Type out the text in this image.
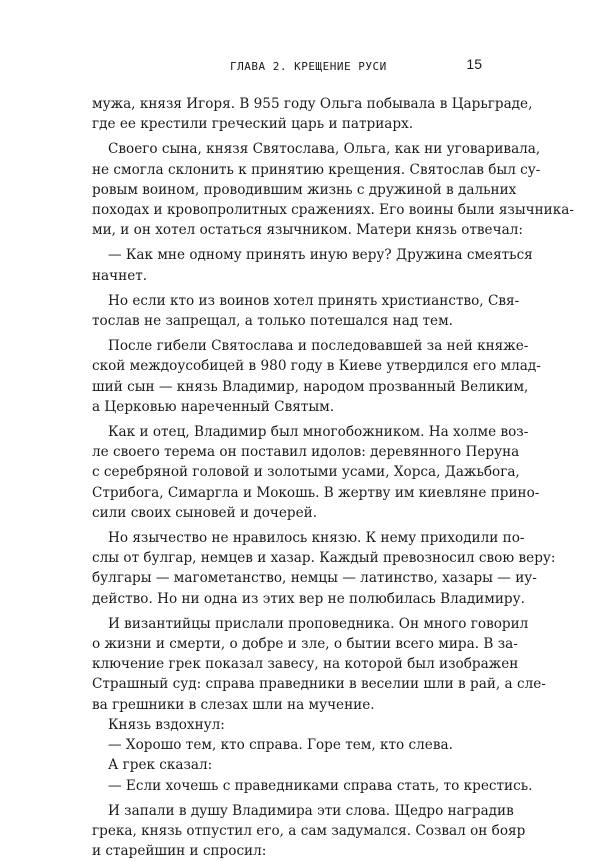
ГЛАВА 2. КРЕЩЕНИЕ РУСИ	15

мужа, князя Игоря. В 955 году Ольга побывала в Царьграде,
где ее крестили греческий царь и патриарх.

Своего сына, князя Святослава, Ольга, как ни уговаривала,
не смогла склонить к принятию крещения. Святослав был су-
ровым воином, проводившим жизнь с дружиной в дальних
походах и кровопролитных сражениях. Его воины были язычника-
ми, и он хотел остаться язычником. Матери князь отвечал:

— Как мне одному принять иную веру? Дружина смеяться
начнет.

Но если кто из воинов хотел принять христианство, Свя-
тослав не запрещал, а только потешался над тем.

После гибели Святослава и последовавшей за ней княже-
ской междоусобицей в 980 году в Киеве утвердился его млад-
ший сын — князь Владимир, народом прозванный Великим,
а Церковью нареченный Святым.

Как и отец, Владимир был многобожником. На холме воз-
ле своего терема он поставил идолов: деревянного Перуна
с серебряной головой и золотыми усами, Хорса, Дажьбога,
Стрибога, Симаргла и Мокошь. В жертву им киевляне прино-
сили своих сыновей и дочерей.

Но язычество не нравилось князю. К нему приходили по-
слы от булгар, немцев и хазар. Каждый превозносил свою веру:
булгары — магометанство, немцы — латинство, хазары — иу-
действо. Но ни одна из этих вер не полюбилась Владимиру.

И византийцы прислали проповедника. Он много говорил
о жизни и смерти, о добре и зле, о бытии всего мира. В за-
ключение грек показал завесу, на которой был изображен
Страшный суд: справа праведники в веселии шли в рай, а сле-
ва грешники в слезах шли на мучение.

Князь вздохнул:

— Хорошо тем, кто справа. Горе тем, кто слева.

А грек сказал:

— Если хочешь с праведниками справа стать, то крестись.

И запали в душу Владимира эти слова. Щедро наградив
грека, князь отпустил его, а сам задумался. Созвал он бояр
и старейшин и спросил:
